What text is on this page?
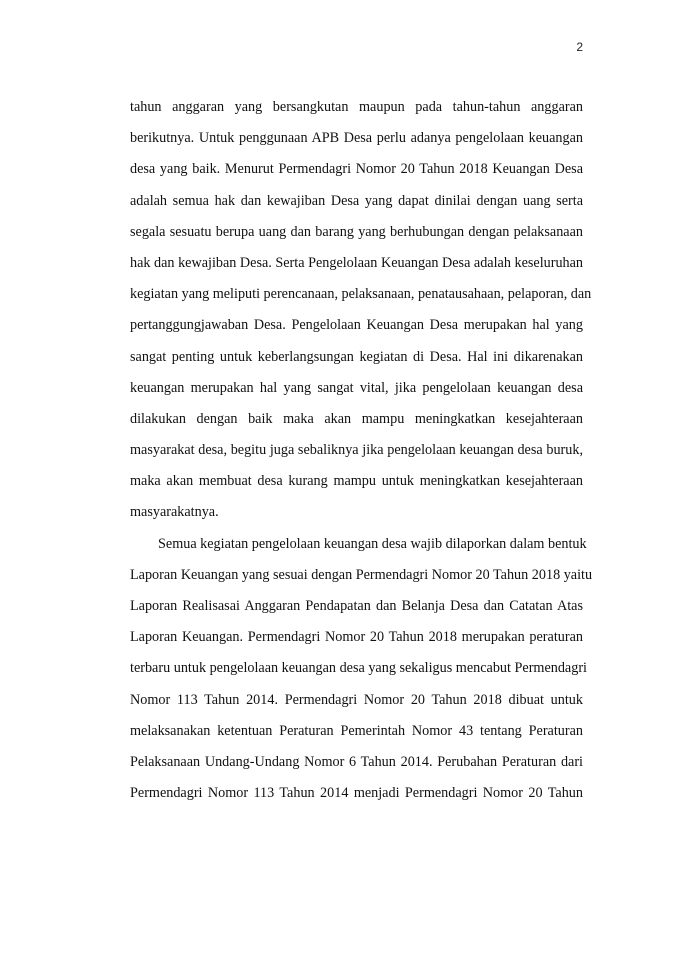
2
tahun anggaran yang bersangkutan maupun pada tahun-tahun anggaran
berikutnya. Untuk penggunaan APB Desa perlu adanya pengelolaan keuangan
desa yang baik. Menurut Permendagri Nomor 20 Tahun 2018 Keuangan Desa
adalah semua hak dan kewajiban Desa yang dapat dinilai dengan uang serta
segala sesuatu berupa uang dan barang yang berhubungan dengan pelaksanaan
hak dan kewajiban Desa. Serta Pengelolaan Keuangan Desa adalah keseluruhan
kegiatan yang meliputi perencanaan, pelaksanaan, penatausahaan, pelaporan, dan
pertanggungjawaban Desa. Pengelolaan Keuangan Desa merupakan hal yang
sangat penting untuk keberlangsungan kegiatan di Desa. Hal ini dikarenakan
keuangan merupakan hal yang sangat vital, jika pengelolaan keuangan desa
dilakukan dengan baik maka akan mampu meningkatkan kesejahteraan
masyarakat desa, begitu juga sebaliknya jika pengelolaan keuangan desa buruk,
maka akan membuat desa kurang mampu untuk meningkatkan kesejahteraan
masyarakatnya.
Semua kegiatan pengelolaan keuangan desa wajib dilaporkan dalam bentuk
Laporan Keuangan yang sesuai dengan Permendagri Nomor 20 Tahun 2018 yaitu
Laporan Realisasai Anggaran Pendapatan dan Belanja Desa dan Catatan Atas
Laporan Keuangan. Permendagri Nomor 20 Tahun 2018 merupakan peraturan
terbaru untuk pengelolaan keuangan desa yang sekaligus mencabut Permendagri
Nomor 113 Tahun 2014. Permendagri Nomor 20 Tahun 2018 dibuat untuk
melaksanakan ketentuan Peraturan Pemerintah Nomor 43 tentang Peraturan
Pelaksanaan Undang-Undang Nomor 6 Tahun 2014. Perubahan Peraturan dari
Permendagri Nomor 113 Tahun 2014 menjadi Permendagri Nomor 20 Tahun
